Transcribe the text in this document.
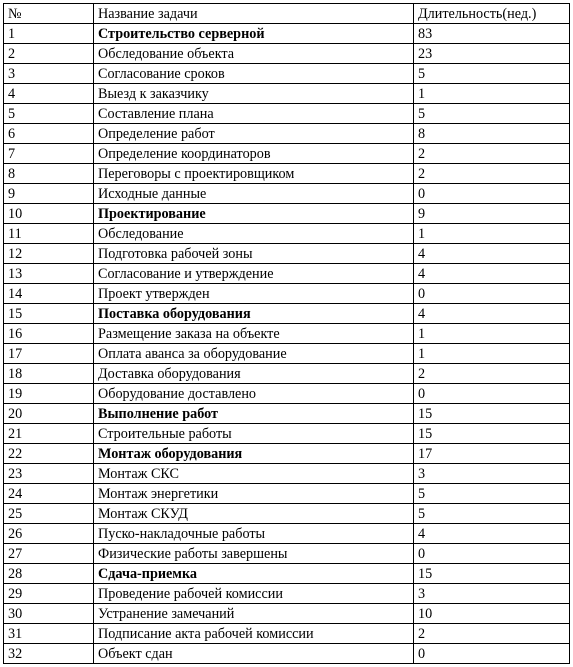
№	Название задачи	Длительность(нед.)
1	Строительство серверной	83
2	Обследование объекта	23
3	Согласование сроков	5
4	Выезд к заказчику	1
5	Составление плана	5
6	Определение работ	8
7	Определение координаторов	2
8	Переговоры с проектировщиком	2
9	Исходные данные	0
10	Проектирование	9
11	Обследование	1
12	Подготовка рабочей зоны	4
13	Согласование и утверждение	4
14	Проект утвержден	0
15	Поставка оборудования	4
16	Размещение заказа на объекте	1
17	Оплата аванса за оборудование	1
18	Доставка оборудования	2
19	Оборудование доставлено	0
20	Выполнение работ	15
21	Строительные работы	15
22	Монтаж оборудования	17
23	Монтаж СКС	3
24	Монтаж энергетики	5
25	Монтаж СКУД	5
26	Пуско-накладочные работы	4
27	Физические работы завершены	0
28	Сдача-приемка	15
29	Проведение рабочей комиссии	3
30	Устранение замечаний	10
31	Подписание акта рабочей комиссии	2
32	Объект сдан	0
